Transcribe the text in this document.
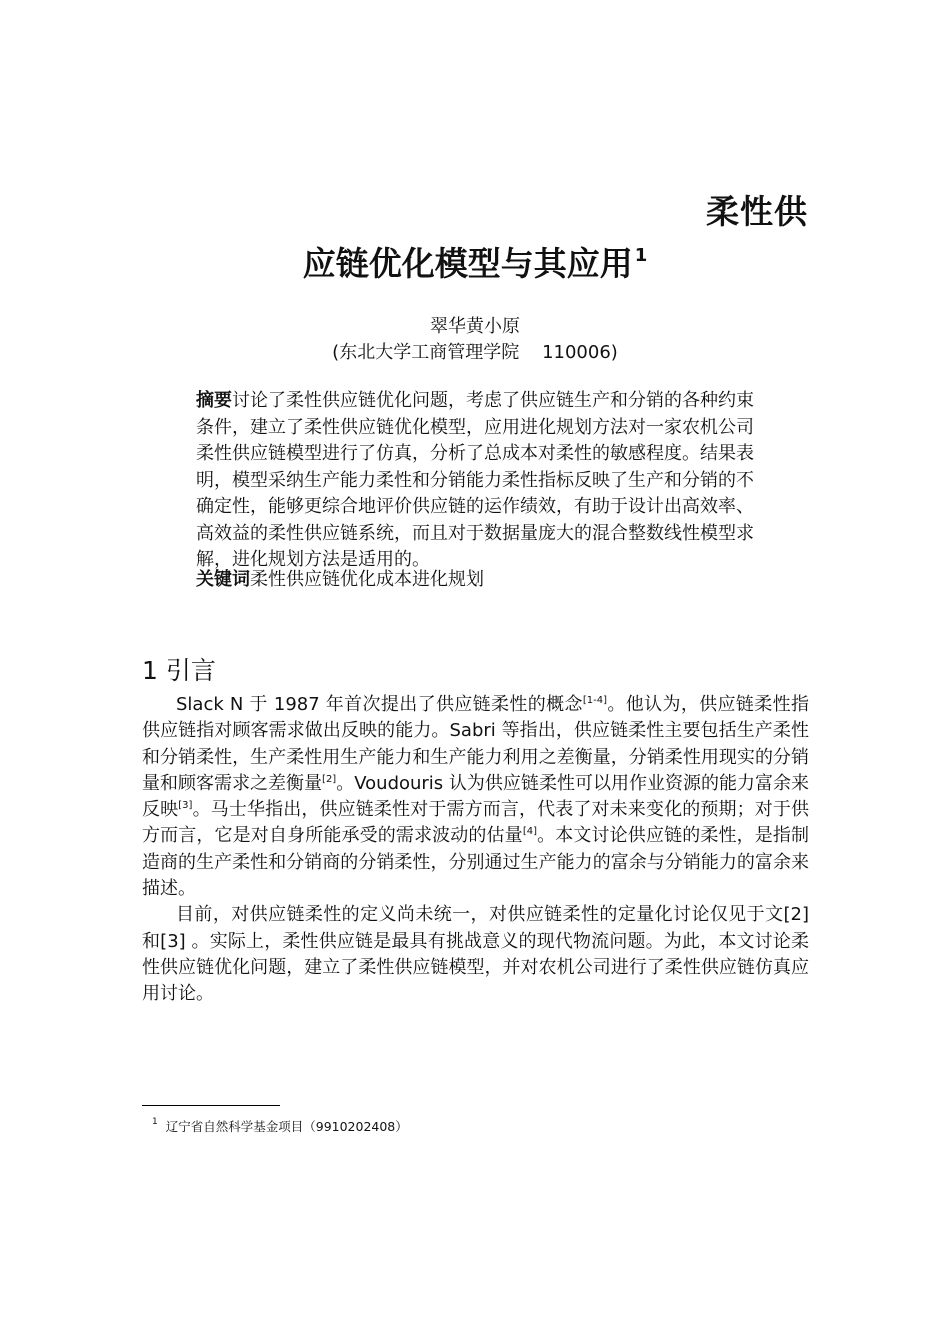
柔性供
应链优化模型与其应用 $^1$
翠华黄小原
(东北大学工商管理学院    110006)
摘要讨论了柔性供应链优化问题，考虑了供应链生产和分销的各种约束条件，建立了柔性供应链优化模型，应用进化规划方法对一家农机公司柔性供应链模型进行了仿真，分析了总成本对柔性的敏感程度。结果表明，模型采纳生产能力柔性和分销能力柔性指标反映了生产和分销的不确定性，能够更综合地评价供应链的运作绩效，有助于设计出高效率、高效益的柔性供应链系统，而且对于数据量庞大的混合整数线性模型求解，进化规划方法是适用的。
关键词柔性供应链优化成本进化规划
1 引言

Slack N 于 1987 年首次提出了供应链柔性的概念[1-4]。他认为，供应链柔性指供应链指对顾客需求做出反映的能力。Sabri 等指出，供应链柔性主要包括生产柔性和分销柔性，生产柔性用生产能力和生产能力利用之差衡量，分销柔性用现实的分销量和顾客需求之差衡量[2]。Voudouris 认为供应链柔性可以用作业资源的能力富余来反映[3]。马士华指出，供应链柔性对于需方而言，代表了对未来变化的预期；对于供方而言，它是对自身所能承受的需求波动的估量[4]。本文讨论供应链的柔性，是指制造商的生产柔性和分销商的分销柔性，分别通过生产能力的富余与分销能力的富余来描述。

目前，对供应链柔性的定义尚未统一，对供应链柔性的定量化讨论仅见于文[2]和[3] 。实际上，柔性供应链是最具有挑战意义的现代物流问题。为此，本文讨论柔性供应链优化问题，建立了柔性供应链模型，并对农机公司进行了柔性供应链仿真应用讨论。

$^1$ 辽宁省自然科学基金项目（9910202408）
